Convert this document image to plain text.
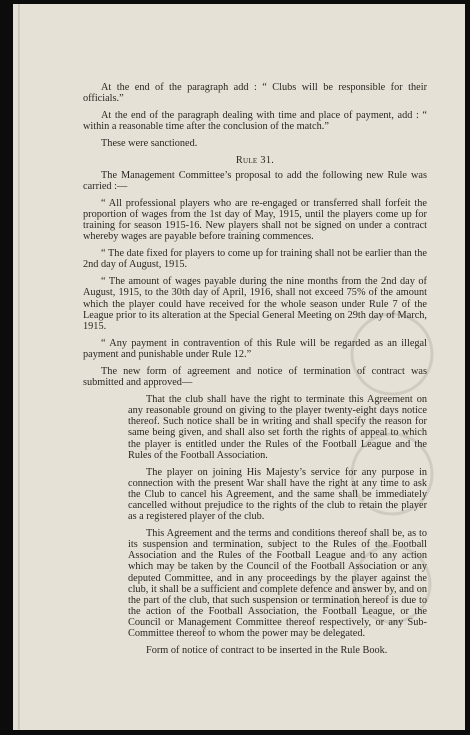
At the end of the paragraph add : “ Clubs will be responsible for their officials.”

At the end of the paragraph dealing with time and place of payment, add : “ within a reasonable time after the conclusion of the match.”

These were sanctioned.

Rule 31.

The Management Committee’s proposal to add the following new Rule was carried :—

“ All professional players who are re-engaged or transferred shall forfeit the proportion of wages from the 1st day of May, 1915, until the players come up for training for season 1915-16. New players shall not be signed on under a contract whereby wages are payable before training commences.

“ The date fixed for players to come up for training shall not be earlier than the 2nd day of August, 1915.

“ The amount of wages payable during the nine months from the 2nd day of August, 1915, to the 30th day of April, 1916, shall not exceed 75% of the amount which the player could have received for the whole season under Rule 7 of the League prior to its alteration at the Special General Meeting on 29th day of March, 1915.

“ Any payment in contravention of this Rule will be regarded as an illegal payment and punishable under Rule 12.”

The new form of agreement and notice of termination of contract was submitted and approved—

That the club shall have the right to terminate this Agreement on any reasonable ground on giving to the player twenty-eight days notice thereof. Such notice shall be in writing and shall specify the reason for same being given, and shall also set forth the rights of appeal to which the player is entitled under the Rules of the Football League and the Rules of the Football Association.

The player on joining His Majesty’s service for any purpose in connection with the present War shall have the right at any time to ask the Club to cancel his Agreement, and the same shall be immediately cancelled without prejudice to the rights of the club to retain the player as a registered player of the club.

This Agreement and the terms and conditions thereof shall be, as to its suspension and termination, subject to the Rules of the Football Association and the Rules of the Football League and to any action which may be taken by the Council of the Football Association or any deputed Committee, and in any proceedings by the player against the club, it shall be a sufficient and complete defence and answer by, and on the part of the club, that such suspension or termination hereof is due to the action of the Football Association, the Football League, or the Council or Management Committee thereof respectively, or any Sub-Committee thereof to whom the power may be delegated.

Form of notice of contract to be inserted in the Rule Book.
